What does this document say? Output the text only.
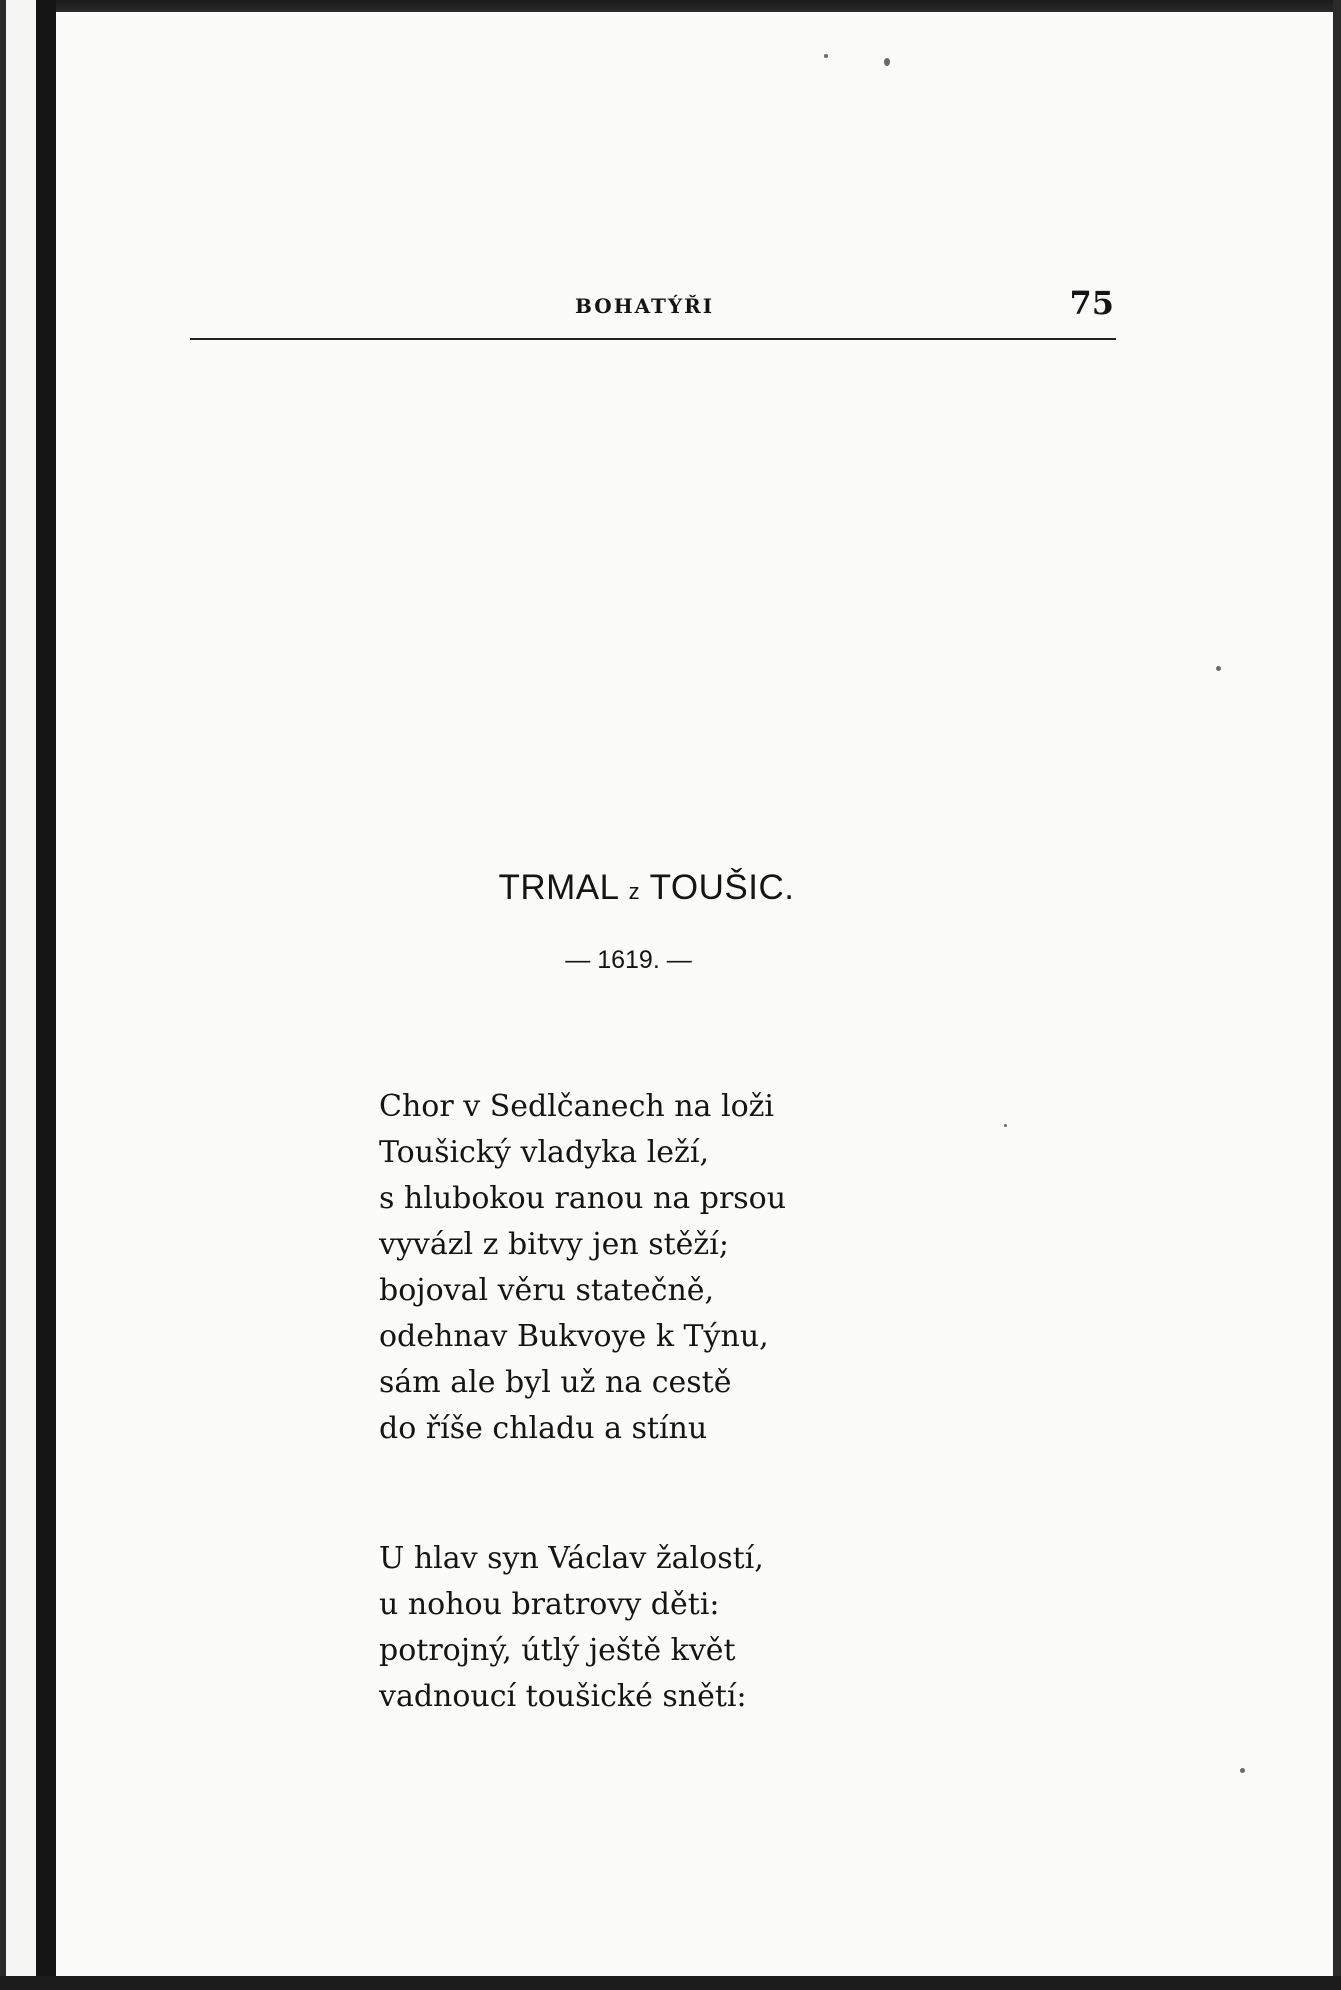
BOHATÝŘI	75
TRMAL z TOUŠIC.
— 1619. —
Chor v Sedlčanech na loži
Toušický vladyka leží,
s hlubokou ranou na prsou
vyvázl z bitvy jen stěží;
bojoval věru statečně,
odehnav Bukvoye k Týnu,
sám ale byl už na cestě
do říše chladu a stínu
U hlav syn Václav žalostí,
u nohou bratrovy děti:
potrojný, útlý ještě květ
vadnoucí toušické snětí:
